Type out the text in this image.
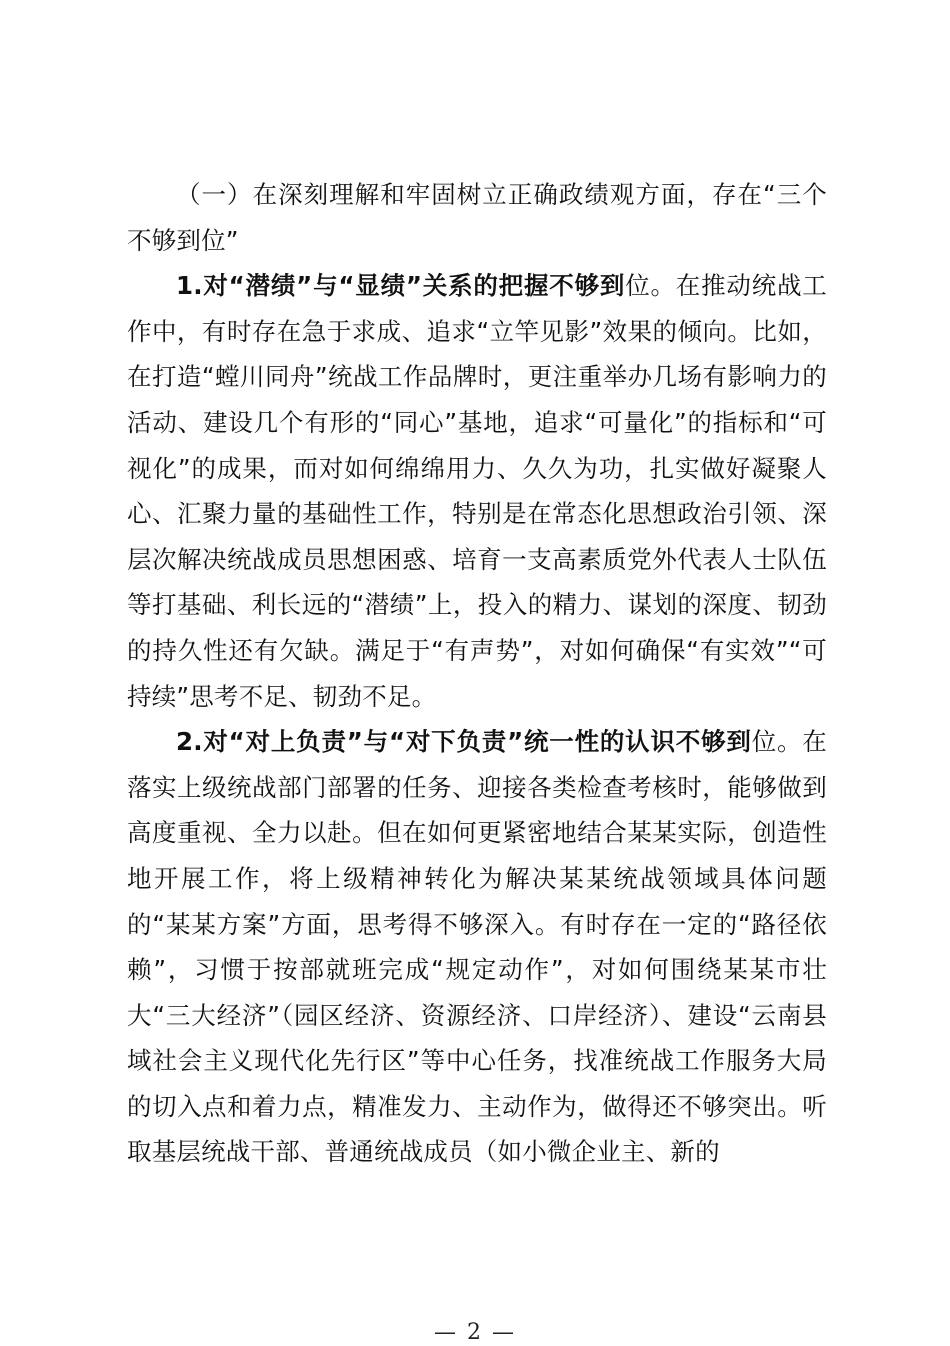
（一）在深刻理解和牢固树立正确政绩观方面，存在“三个不够到位”

1.对“潜绩”与“显绩”关系的把握不够到位。在推动统战工作中，有时存在急于求成、追求“立竿见影”效果的倾向。比如，在打造“螳川同舟”统战工作品牌时，更注重举办几场有影响力的活动、建设几个有形的“同心”基地，追求“可量化”的指标和“可视化”的成果，而对如何绵绵用力、久久为功，扎实做好凝聚人心、汇聚力量的基础性工作，特别是在常态化思想政治引领、深层次解决统战成员思想困惑、培育一支高素质党外代表人士队伍等打基础、利长远的“潜绩”上，投入的精力、谋划的深度、韧劲的持久性还有欠缺。满足于“有声势”，对如何确保“有实效”“可持续”思考不足、韧劲不足。

2.对“对上负责”与“对下负责”统一性的认识不够到位。在落实上级统战部门部署的任务、迎接各类检查考核时，能够做到高度重视、全力以赴。但在如何更紧密地结合某某实际，创造性地开展工作，将上级精神转化为解决某某统战领域具体问题的“某某方案”方面，思考得不够深入。有时存在一定的“路径依赖”，习惯于按部就班完成“规定动作”，对如何围绕某某市壮大“三大经济”（园区经济、资源经济、口岸经济）、建设“云南县域社会主义现代化先行区”等中心任务，找准统战工作服务大局的切入点和着力点，精准发力、主动作为，做得还不够突出。听取基层统战干部、普通统战成员（如小微企业主、新的

— 2 —
